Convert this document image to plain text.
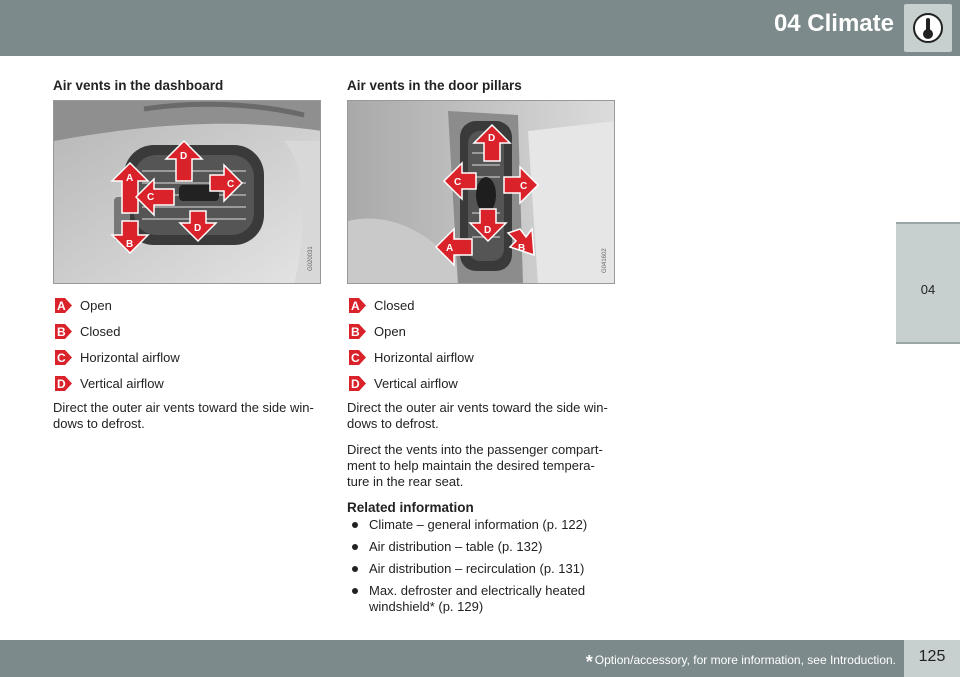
04 Climate
04
Air vents in the dashboard
A
B
D
D
C
C
G020031
A Open
B Closed
C Horizontal airflow
D Vertical airflow

Direct the outer air vents toward the side win-dows to defrost.

Air vents in the door pillars
D
D
C	C
A	B	G041602
A Closed
B Open
C Horizontal airflow
D Vertical airflow

Direct the outer air vents toward the side win-dows to defrost.

Direct the vents into the passenger compart-ment to help maintain the desired tempera-ture in the rear seat.

Related information
Climate – general information (p. 122)
Air distribution – table (p. 132)
Air distribution – recirculation (p. 131)
Max. defroster and electrically heated windshield* (p. 129)
* Option/accessory, for more information, see Introduction.	125
